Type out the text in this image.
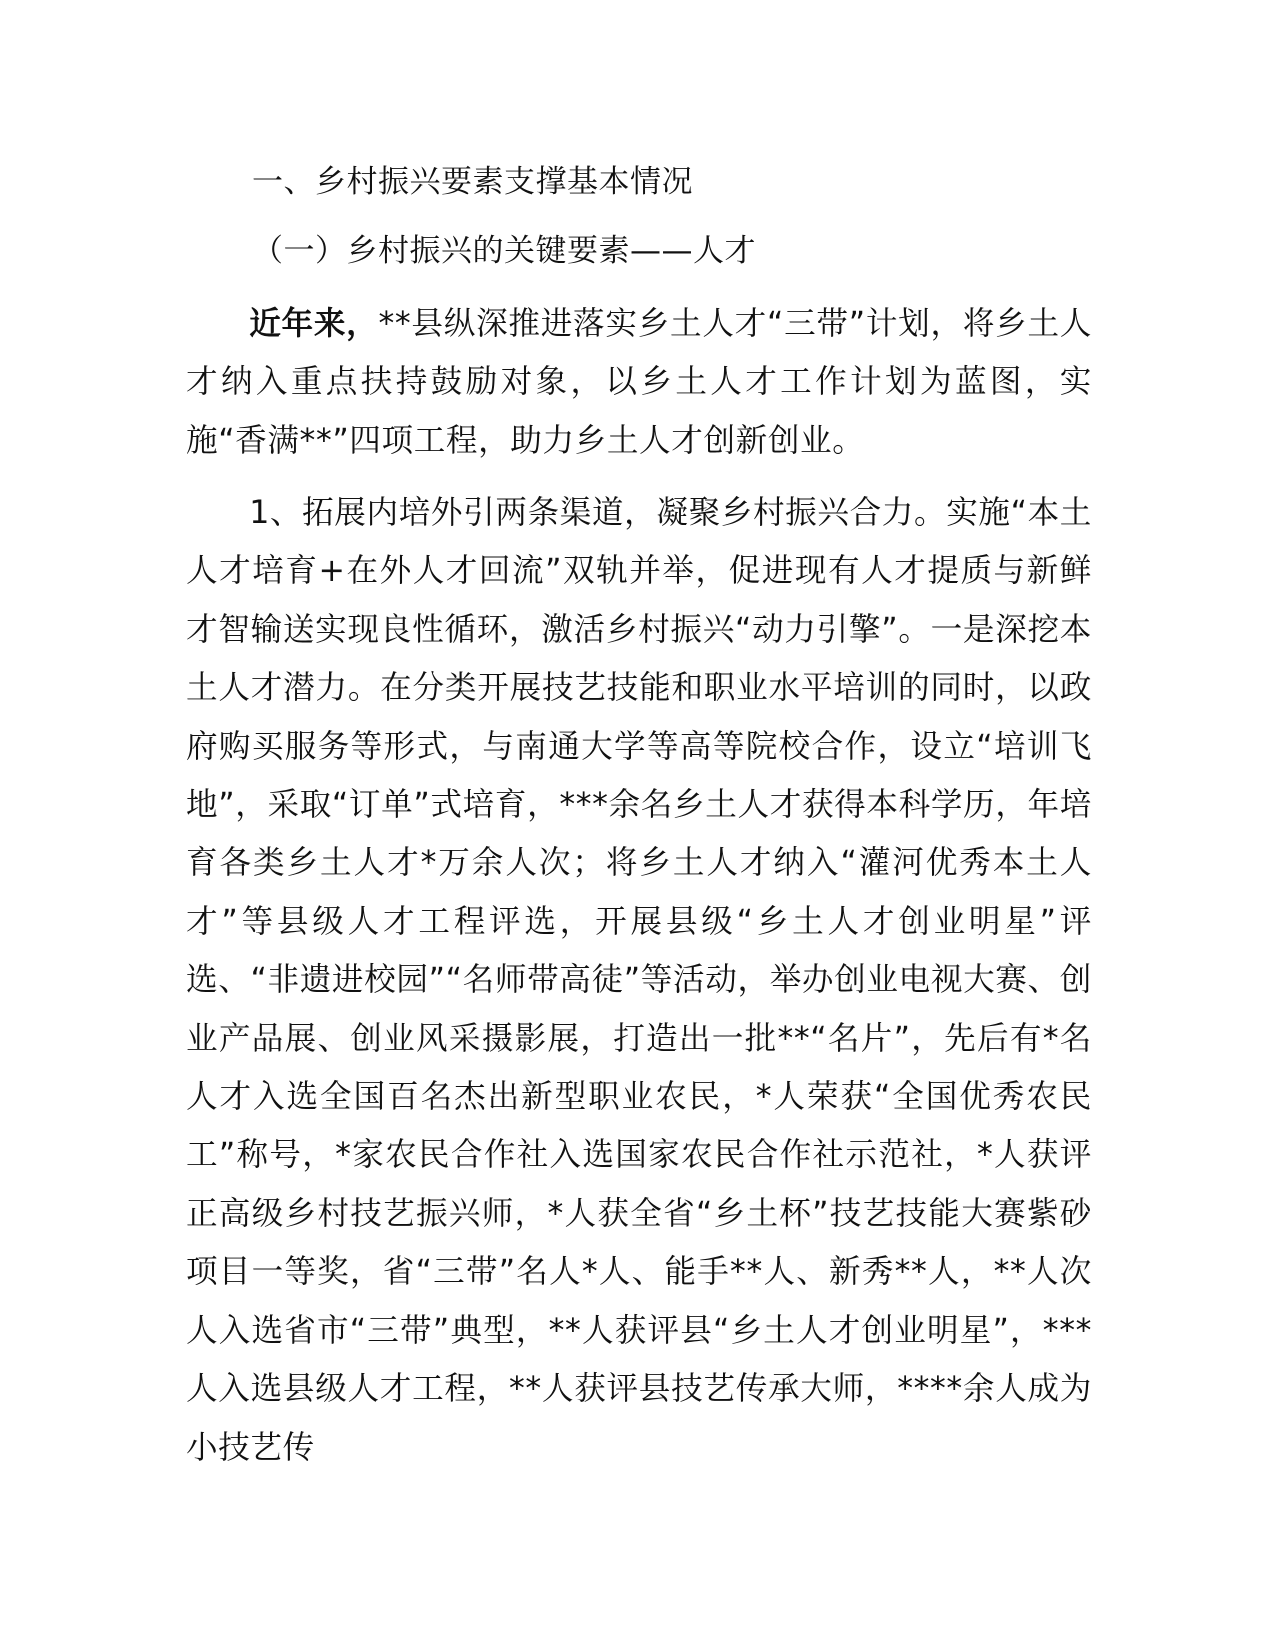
一、乡村振兴要素支撑基本情况
（一）乡村振兴的关键要素——人才

近年来，**县纵深推进落实乡土人才“三带”计划，将乡土人才纳入重点扶持鼓励对象，以乡土人才工作计划为蓝图，实施“香满**”四项工程，助力乡土人才创新创业。

1、拓展内培外引两条渠道，凝聚乡村振兴合力。实施“本土人才培育+在外人才回流”双轨并举，促进现有人才提质与新鲜才智输送实现良性循环，激活乡村振兴“动力引擎”。一是深挖本土人才潜力。在分类开展技艺技能和职业水平培训的同时，以政府购买服务等形式，与南通大学等高等院校合作，设立“培训飞地”，采取“订单”式培育，***余名乡土人才获得本科学历，年培育各类乡土人才*万余人次；将乡土人才纳入“灌河优秀本土人才”等县级人才工程评选，开展县级“乡土人才创业明星”评选、“非遗进校园”“名师带高徒”等活动，举办创业电视大赛、创业产品展、创业风采摄影展，打造出一批**“名片”，先后有*名人才入选全国百名杰出新型职业农民，*人荣获“全国优秀农民工”称号，*家农民合作社入选国家农民合作社示范社，*人获评正高级乡村技艺振兴师，*人获全省“乡土杯”技艺技能大赛紫砂项目一等奖，省“三带”名人*人、能手**人、新秀**人，**人次人入选省市“三带”典型，**人获评县“乡土人才创业明星”，***人入选县级人才工程，**人获评县技艺传承大师，****余人成为小技艺传
